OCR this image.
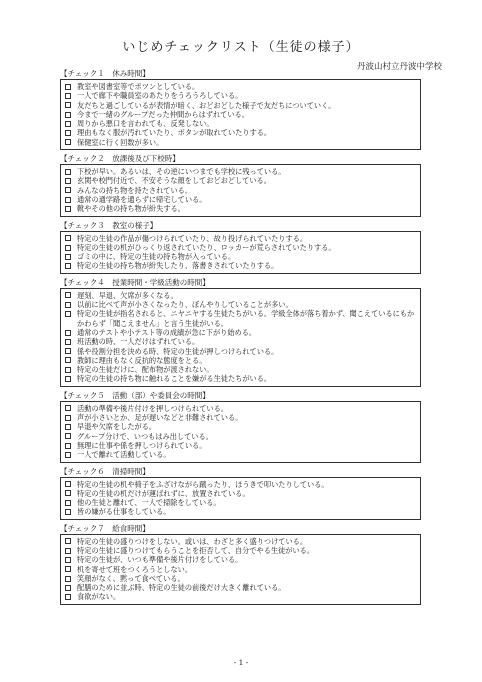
いじめチェックリスト（生徒の様子）
丹波山村立丹波中学校
【チェック１　休み時間】
教室や図書室等でポツンとしている。
一人で廊下や職員室のあたりをうろうろしている。
友だちと過ごしているが表情が暗く、おどおどした様子で友だちについていく。
今まで一緒のグループだった仲間からはずれている。
周りから悪口を言われても、反発しない。
理由もなく服が汚れていたり、ボタンが取れていたりする。
保健室に行く回数が多い。
【チェック２　放課後及び下校時】
下校が早い。あるいは、その逆にいつまでも学校に残っている。
玄関や校門付近で、不安そうな顔をしておどおどしている。
みんなの持ち物を持たされている。
通常の通学路を通らずに帰宅している。
靴やその他の持ち物が紛失する。
【チェック３　教室の様子】
特定の生徒の作品が傷つけられていたり、故り投げられていたりする。
特定の生徒の机がひっくり返されていたり、ロッカーが荒らされていたりする。
ゴミの中に、特定の生徒の持ち物が入っている。
特定の生徒の持ち物が紛失したり、落書きされていたりする。
【チェック４　授業時間・学級活動の時間】
遅刻、早退、欠席が多くなる。
以前に比べて声が小さくなったり、ぼんやりしていることが多い。
特定の生徒が指名されると、ニヤニヤする生徒たちがいる。学級全体が落ち着かず、聞こえているにもかかわらず「聞こえません」と言う生徒がいる。
通常のテストや小テスト等の成績が急に下がり始める。
班活動の時、一人だけはずれている。
係や役割分担を決める時、特定の生徒が押しつけられている。
教師に理由もなく反抗的な態度をとる。
特定の生徒だけに、配布物が渡されない。
特定の生徒の持ち物に触れることを嫌がる生徒たちがいる。
【チェック５　活動（部）や委員会の時間】
活動の準備や後片付けを押しつけられている。
声が小さいとか、足が遅いなどと非難されている。
早退や欠席をしたがる。
グループ分けで、いつもはみ出している。
無理に仕事や係を押しつけられている。
一人で離れて活動している。
【チェック６　清掃時間】
特定の生徒の机や椅子をふざけながら蹴ったり、ほうきで叩いたりしている。
特定の生徒の机だけが運ばれずに、放置されている。
他の生徒と離れて、一人で掃除をしている。
皆の嫌がる仕事をしている。
【チェック７　給食時間】
特定の生徒の盛りつけをしない。或いは、わざと多く盛りつけている。
特定の生徒に盛りつけてもらうことを拒否して、自分でやる生徒がいる。
特定の生徒が、いつも準備や後片付けをしている。
机を寄せて班をつくろうとしない。
笑顔がなく、黙って食べている。
配膳のために並ぶ時、特定の生徒の前後だけ大きく離れている。
食欲がない。
- 1 -
